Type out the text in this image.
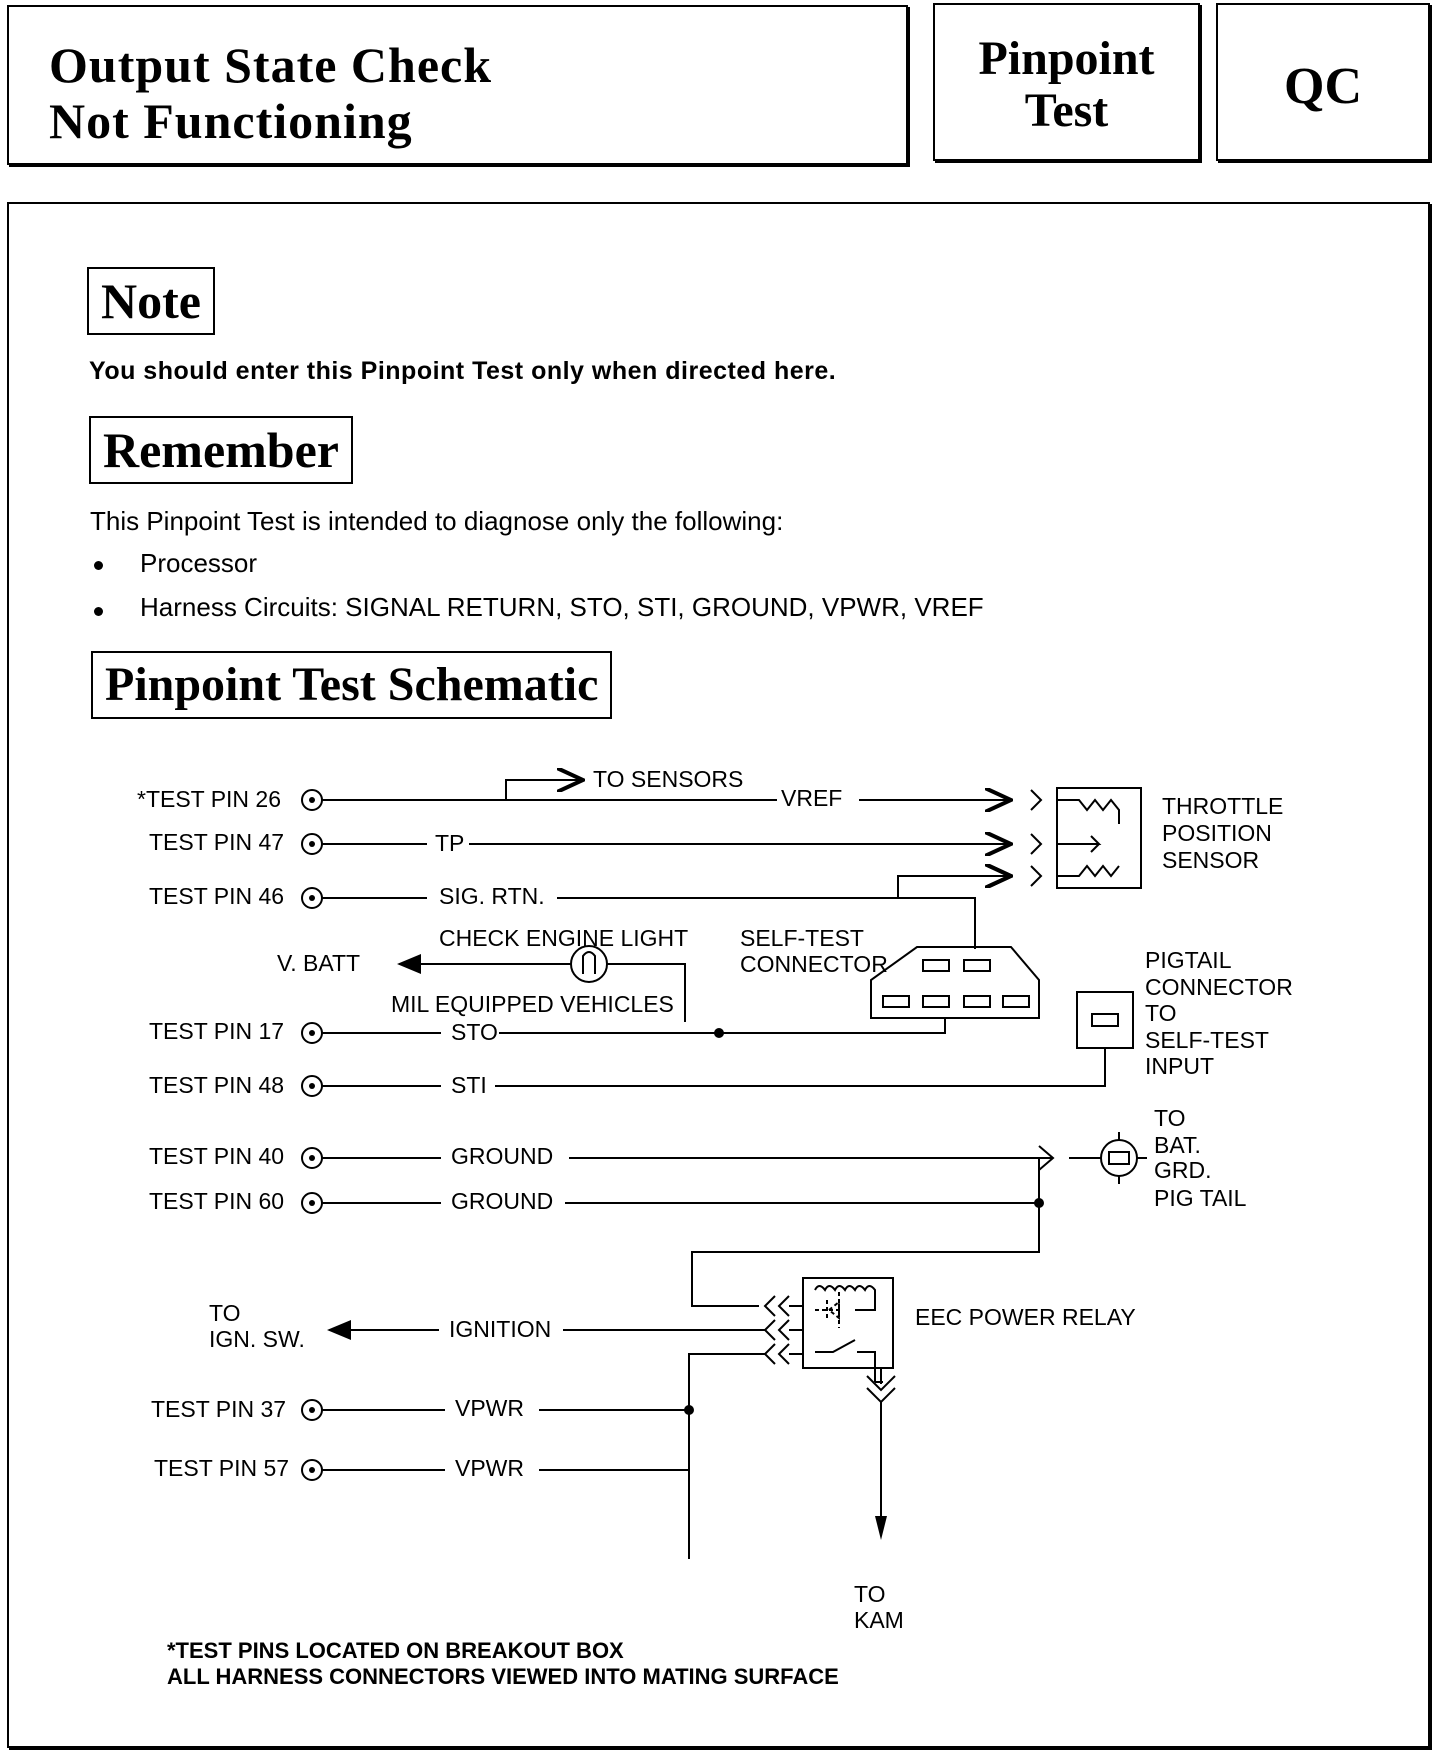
Output State Check
Not Functioning
Pinpoint
Test	QC
Note
You should enter this Pinpoint Test only when directed here.
Remember
This Pinpoint Test is intended to diagnose only the following:
Processor
Harness Circuits: SIGNAL RETURN, STO, STI, GROUND, VPWR, VREF
Pinpoint Test Schematic
*TEST PIN 26
TO SENSORS
VREF
TEST PIN 47	TP
TEST PIN 46	SIG. RTN.
THROTTLE
POSITION
SENSOR
CHECK ENGINE LIGHT
V. BATT
MIL EQUIPPED VEHICLES
SELF-TEST
CONNECTOR
TEST PIN 17	STO
PIGTAIL
CONNECTOR
TO
SELF-TEST
INPUT
TEST PIN 48	STI
TEST PIN 40	GROUND
TEST PIN 60	GROUND
TO
BAT.
GRD.
PIG TAIL
EEC POWER RELAY
TO
IGN. SW.	IGNITION
TEST PIN 37	VPWR
TEST PIN 57	VPWR
TO
KAM
*TEST PINS LOCATED ON BREAKOUT BOX
ALL HARNESS CONNECTORS VIEWED INTO MATING SURFACE
